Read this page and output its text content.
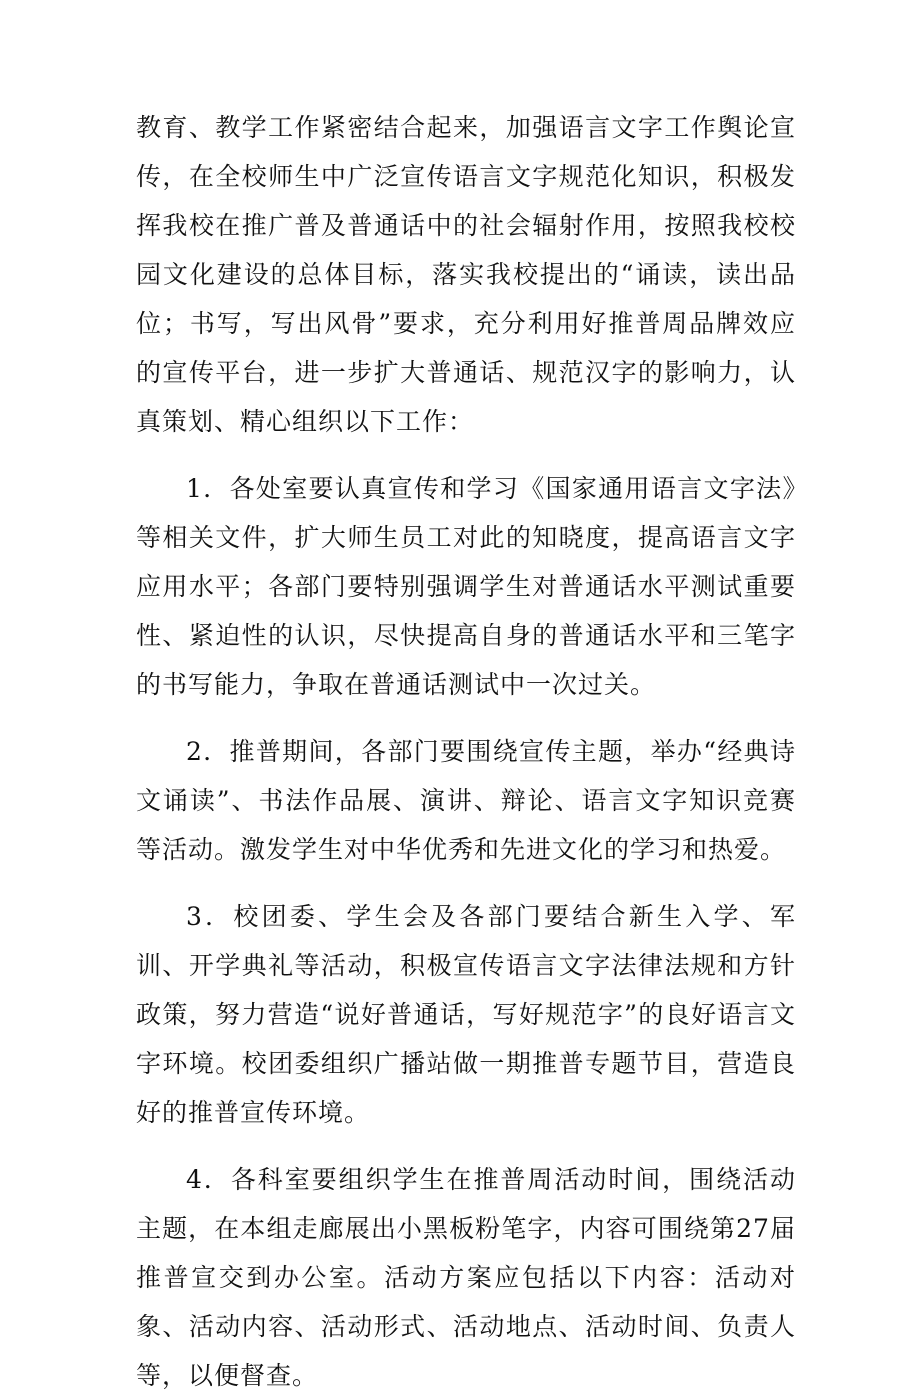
教育、教学工作紧密结合起来，加强语言文字工作舆论宣传，在全校师生中广泛宣传语言文字规范化知识，积极发挥我校在推广普及普通话中的社会辐射作用，按照我校校园文化建设的总体目标，落实我校提出的“诵读，读出品位；书写，写出风骨”要求，充分利用好推普周品牌效应的宣传平台，进一步扩大普通话、规范汉字的影响力，认真策划、精心组织以下工作：

1．各处室要认真宣传和学习《国家通用语言文字法》等相关文件，扩大师生员工对此的知晓度，提高语言文字应用水平；各部门要特别强调学生对普通话水平测试重要性、紧迫性的认识，尽快提高自身的普通话水平和三笔字的书写能力，争取在普通话测试中一次过关。

2．推普期间，各部门要围绕宣传主题，举办“经典诗文诵读”、书法作品展、演讲、辩论、语言文字知识竞赛等活动。激发学生对中华优秀和先进文化的学习和热爱。

3．校团委、学生会及各部门要结合新生入学、军训、开学典礼等活动，积极宣传语言文字法律法规和方针政策，努力营造“说好普通话，写好规范字”的良好语言文字环境。校团委组织广播站做一期推普专题节目，营造良好的推普宣传环境。

4．各科室要组织学生在推普周活动时间，围绕活动主题，在本组走廊展出小黑板粉笔字，内容可围绕第27届推普宣交到办公室。活动方案应包括以下内容：活动对象、活动内容、活动形式、活动地点、活动时间、负责人等，以便督查。
